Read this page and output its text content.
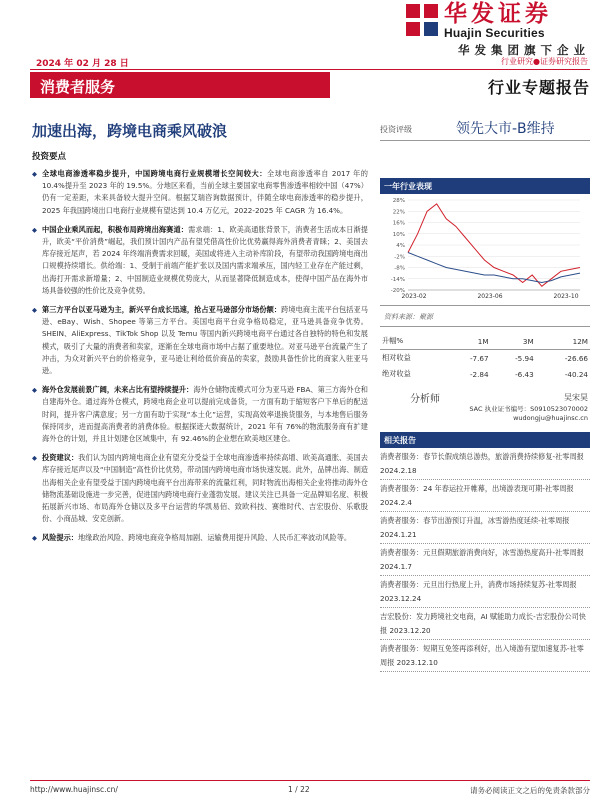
华发证券
Huajin Securities
华发集团旗下企业
2024 年 02 月 28 日	行业研究●证券研究报告
消费者服务	行业专题报告
加速出海，跨境电商乘风破浪	投资评级	领先大市-B维持
投资要点
◆ 全球电商渗透率稳步提升，中国跨境电商行业规模增长空间较大：全球电商渗透率自 2017 年的 10.4%提升至 2023 年的 19.5%。分地区来看，当前全球主要国家电商零售渗透率相较中国（47%）仍有一定差距，未来具备较大提升空间。根据艾瑞咨询数据预计，伴随全球电商渗透率的稳步提升，2025 年我国跨境出口电商行业规模有望达到 10.4 万亿元，2022-2025 年 CAGR 为 16.4%。
◆ 中国企业乘风而起，积极布局跨境出海赛道：需求端：1、欧美高通胀背景下，消费者生活成本日渐提升，欧美“平价消费”崛起，我们预计国内产品有望凭借高性价比优势赢得海外消费者青睐；2、美国去库存接近尾声，若 2024 年终端消费需求回暖，美国或将进入主动补库阶段，有望带动我国跨境电商出口规模持续增长。供给端：1、受制于前端产能扩张以及国内需求端承压，国内轻工业存在产能过剩，出海打开需求新增量；2、中国制造业规模优势庞大，从而显著降低制造成本，使得中国产品在海外市场具备较强的性价比及竞争优势。
◆ 第三方平台以亚马逊为主，新兴平台成长迅速，抢占亚马逊部分市场份额：跨境电商主流平台包括亚马逊、eBay、Wish、Shopee 等第三方平台。美国电商平台竞争格局稳定，亚马逊具备竞争优势。SHEIN、AliExpress、TikTok Shop 以及 Temu 等国内新兴跨境电商平台通过各自独特的特色和发展模式，吸引了大量的消费者和卖家，逐渐在全球电商市场中占据了重要地位。对亚马逊平台流量产生了冲击，为众对新兴平台的价格竞争，亚马逊让利给低价商品的卖家，鼓励具备性价比的商家入驻亚马逊。
◆ 海外仓发展前景广阔，未来占比有望持续提升：海外仓储物流模式可分为亚马逊 FBA、第三方海外仓和自建海外仓。通过海外仓模式，跨境电商企业可以提前完成备货，一方面有助于缩短客户下单后的配送时间，提升客户满意度；另一方面有助于实现“本土化”运营，实现高效率退换货服务，与本地售后服务保持同步，进而提高消费者的消费体验。根据探迹大数据统计，2021 年有 76%的物流服务商有扩建海外仓的计划，并且计划建仓区域集中，有 92.46%的企业想在欧美地区建仓。
◆ 投资建议：我们认为国内跨境电商企业有望充分受益于全球电商渗透率持续高增、欧美高通胀、美国去库存接近尾声以及“中国制造”高性价比优势，带动国内跨境电商市场快速发展。此外，品牌出海、制造出海相关企业有望受益于国内跨境电商平台出海带来的流量红利，同时物流出海相关企业将推动海外仓储物流基础设施进一步完善，促进国内跨境电商行业蓬勃发展。建议关注已具备一定品牌知名度、积极拓展新兴市场、布局海外仓储以及多平台运营的华凯易佰、致欧科技、赛维时代、吉宏股份、乐歌股份、小商品城、安克创新。
◆ 风险提示：地缘政治风险、跨境电商竞争格局加剧、运输费用提升风险、人民币汇率波动风险等。
一年行业表现
28%
22%
16%
10%
4%
-2%
-8%
-14%
-20%
2023-02	2023-06	2023-10
资料来源：聚源
升幅%	1M	3M	12M
相对收益	-7.67	-5.94	-26.66
绝对收益	-2.84	-6.43	-40.24
分析师	吴宋昊
SAC 执业证书编号：S0910523070002
wudongju@huajinsc.cn
相关报告
消费者服务：春节长假成绩总游热，旅游消费持续修复-社零周报 2024.2.18
消费者服务：24 年春运拉开帷幕，出境游表现可期-社零周报 2024.2.4
消费者服务：春节出游预订升温，冰雪游热度延续-社零周报 2024.1.21
消费者服务：元旦假期旅游消费向好，冰雪游热度高升-社零周报 2024.1.7
消费者服务：元旦出行热度上升，消费市场持续复苏-社零周报 2023.12.24
吉宏股份：发力跨境社交电商，AI 赋能助力成长-吉宏股份公司快报 2023.12.20
消费者服务：短期互免签再添利好，出入境游有望加速复苏-社零周报 2023.12.10
http://www.huajinsc.cn/	1 / 22	请务必阅读正文之后的免责条款部分
